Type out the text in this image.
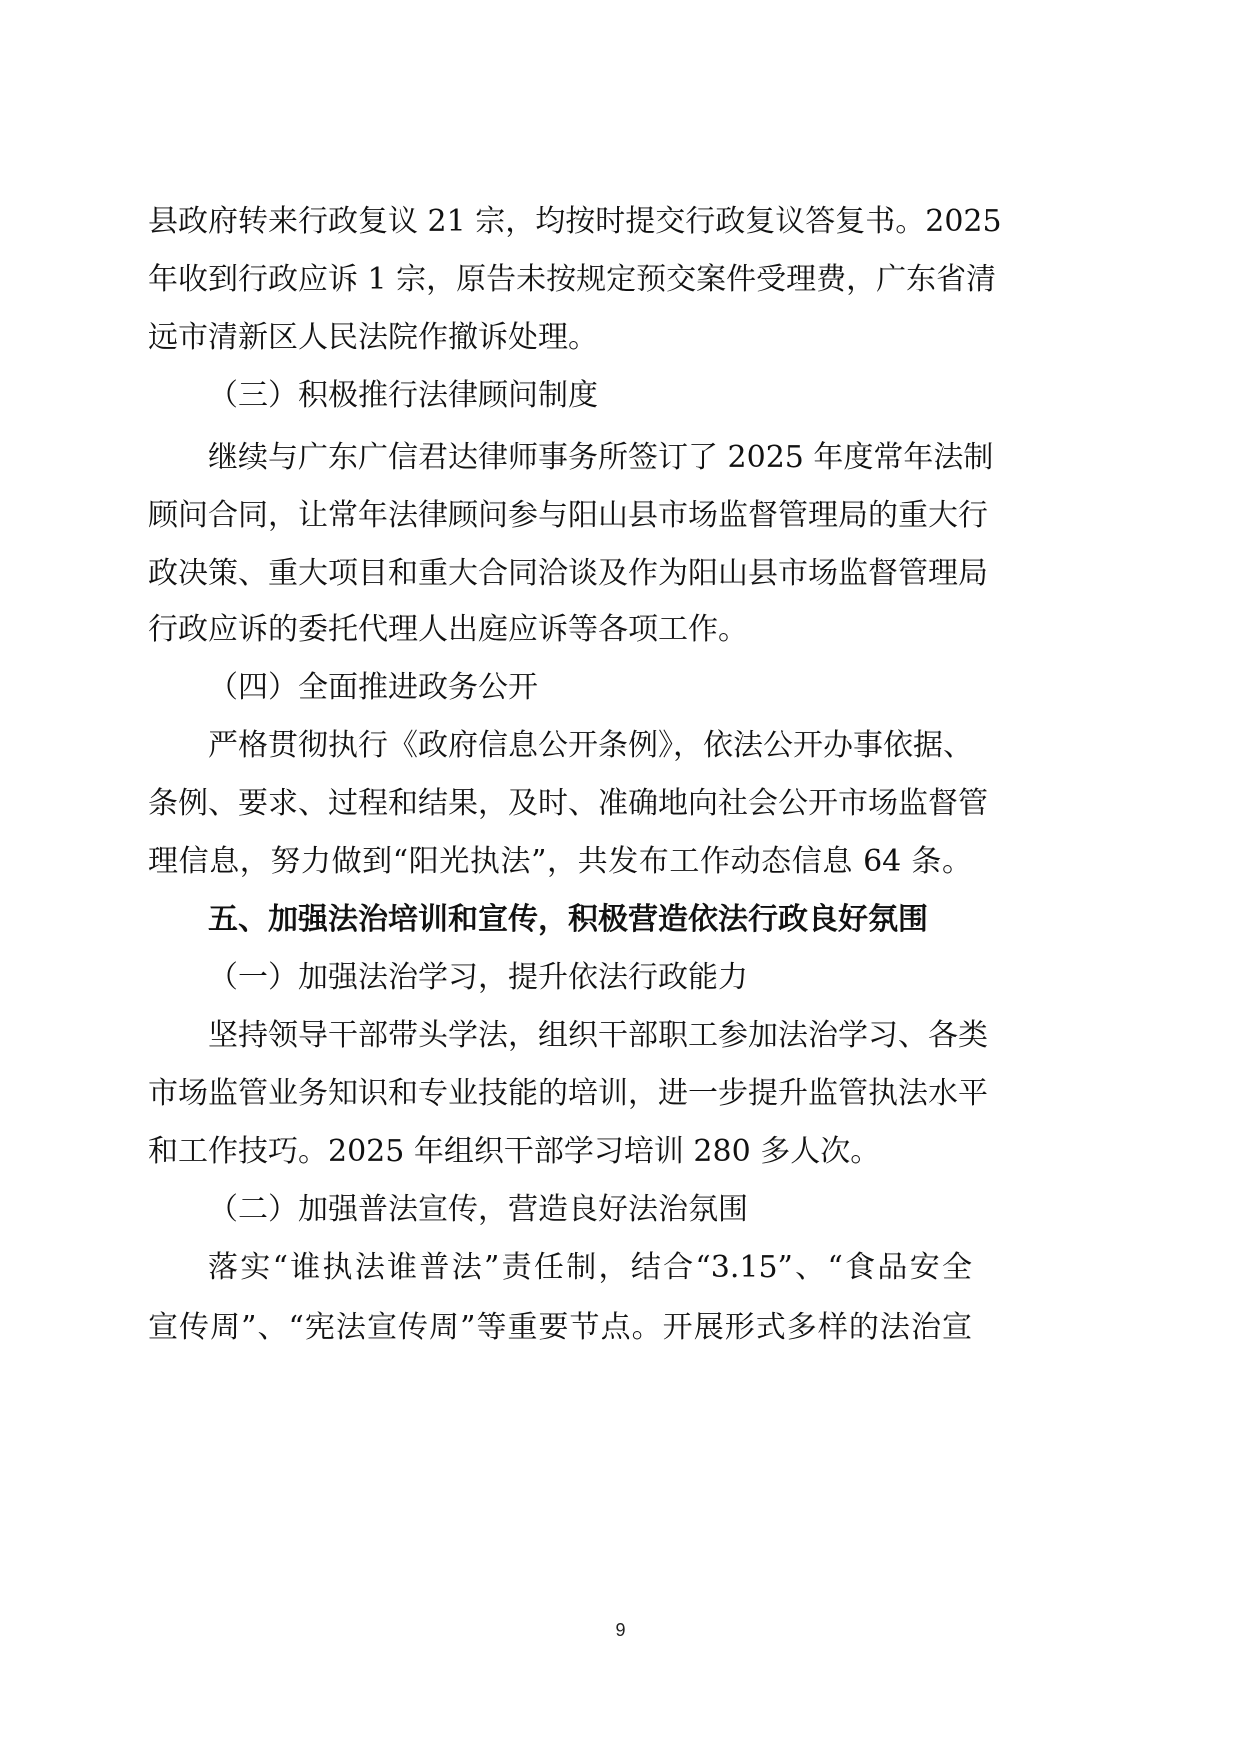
县政府转来行政复议 21 宗，均按时提交行政复议答复书。2025
年收到行政应诉 1 宗，原告未按规定预交案件受理费，广东省清
远市清新区人民法院作撤诉处理。
（三）积极推行法律顾问制度
继续与广东广信君达律师事务所签订了 2025 年度常年法制
顾问合同，让常年法律顾问参与阳山县市场监督管理局的重大行
政决策、重大项目和重大合同洽谈及作为阳山县市场监督管理局
行政应诉的委托代理人出庭应诉等各项工作。
（四）全面推进政务公开
严格贯彻执行《政府信息公开条例》，依法公开办事依据、
条例、要求、过程和结果，及时、准确地向社会公开市场监督管
理信息，努力做到“阳光执法”，共发布工作动态信息 64 条。
五、加强法治培训和宣传，积极营造依法行政良好氛围
（一）加强法治学习，提升依法行政能力
坚持领导干部带头学法，组织干部职工参加法治学习、各类
市场监管业务知识和专业技能的培训，进一步提升监管执法水平
和工作技巧。2025 年组织干部学习培训 280 多人次。
（二）加强普法宣传，营造良好法治氛围
落实“谁执法谁普法”责任制，结合“3.15”、“食品安全
宣传周”、“宪法宣传周”等重要节点。开展形式多样的法治宣
9
